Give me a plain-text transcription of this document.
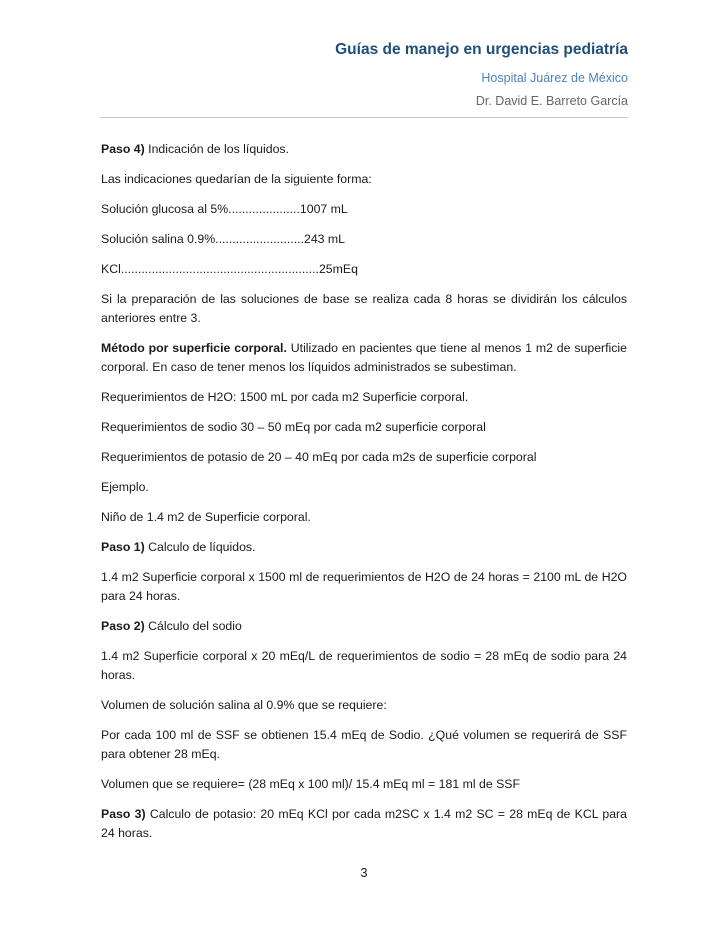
Guías de manejo en urgencias pediatría
Hospital Juárez de México
Dr. David E. Barreto García
Paso 4) Indicación de los líquidos.
Las indicaciones quedarían de la siguiente forma:
Solución glucosa al 5%.....................1007 mL
Solución salina 0.9%..........................243 mL
KCl..........................................................25mEq
Si la preparación de las soluciones de base se realiza cada 8 horas se dividirán los cálculos anteriores entre 3.
Método por superficie corporal. Utilizado en pacientes que tiene al menos 1 m2 de superficie corporal. En caso de tener menos los líquidos administrados se subestiman.
Requerimientos de H2O: 1500 mL por cada m2 Superficie corporal.
Requerimientos de sodio 30 – 50 mEq por cada m2 superficie corporal
Requerimientos de potasio de 20 – 40 mEq por cada m2s de superficie corporal
Ejemplo.
Niño de 1.4 m2 de Superficie corporal.
Paso 1) Calculo de líquidos.
1.4 m2 Superficie corporal x 1500 ml de requerimientos de H2O de 24 horas = 2100 mL de H2O para 24 horas.
Paso 2) Cálculo del sodio
1.4 m2 Superficie corporal x 20 mEq/L de requerimientos de sodio = 28 mEq de sodio para 24 horas.
Volumen de solución salina al 0.9% que se requiere:
Por cada 100 ml de SSF se obtienen 15.4 mEq de Sodio. ¿Qué volumen se requerirá de SSF para obtener 28 mEq.
Volumen que se requiere= (28 mEq x 100 ml)/ 15.4 mEq ml = 181 ml de SSF
Paso 3) Calculo de potasio: 20 mEq KCl por cada m2SC x 1.4 m2 SC = 28 mEq de KCL para 24 horas.
3
